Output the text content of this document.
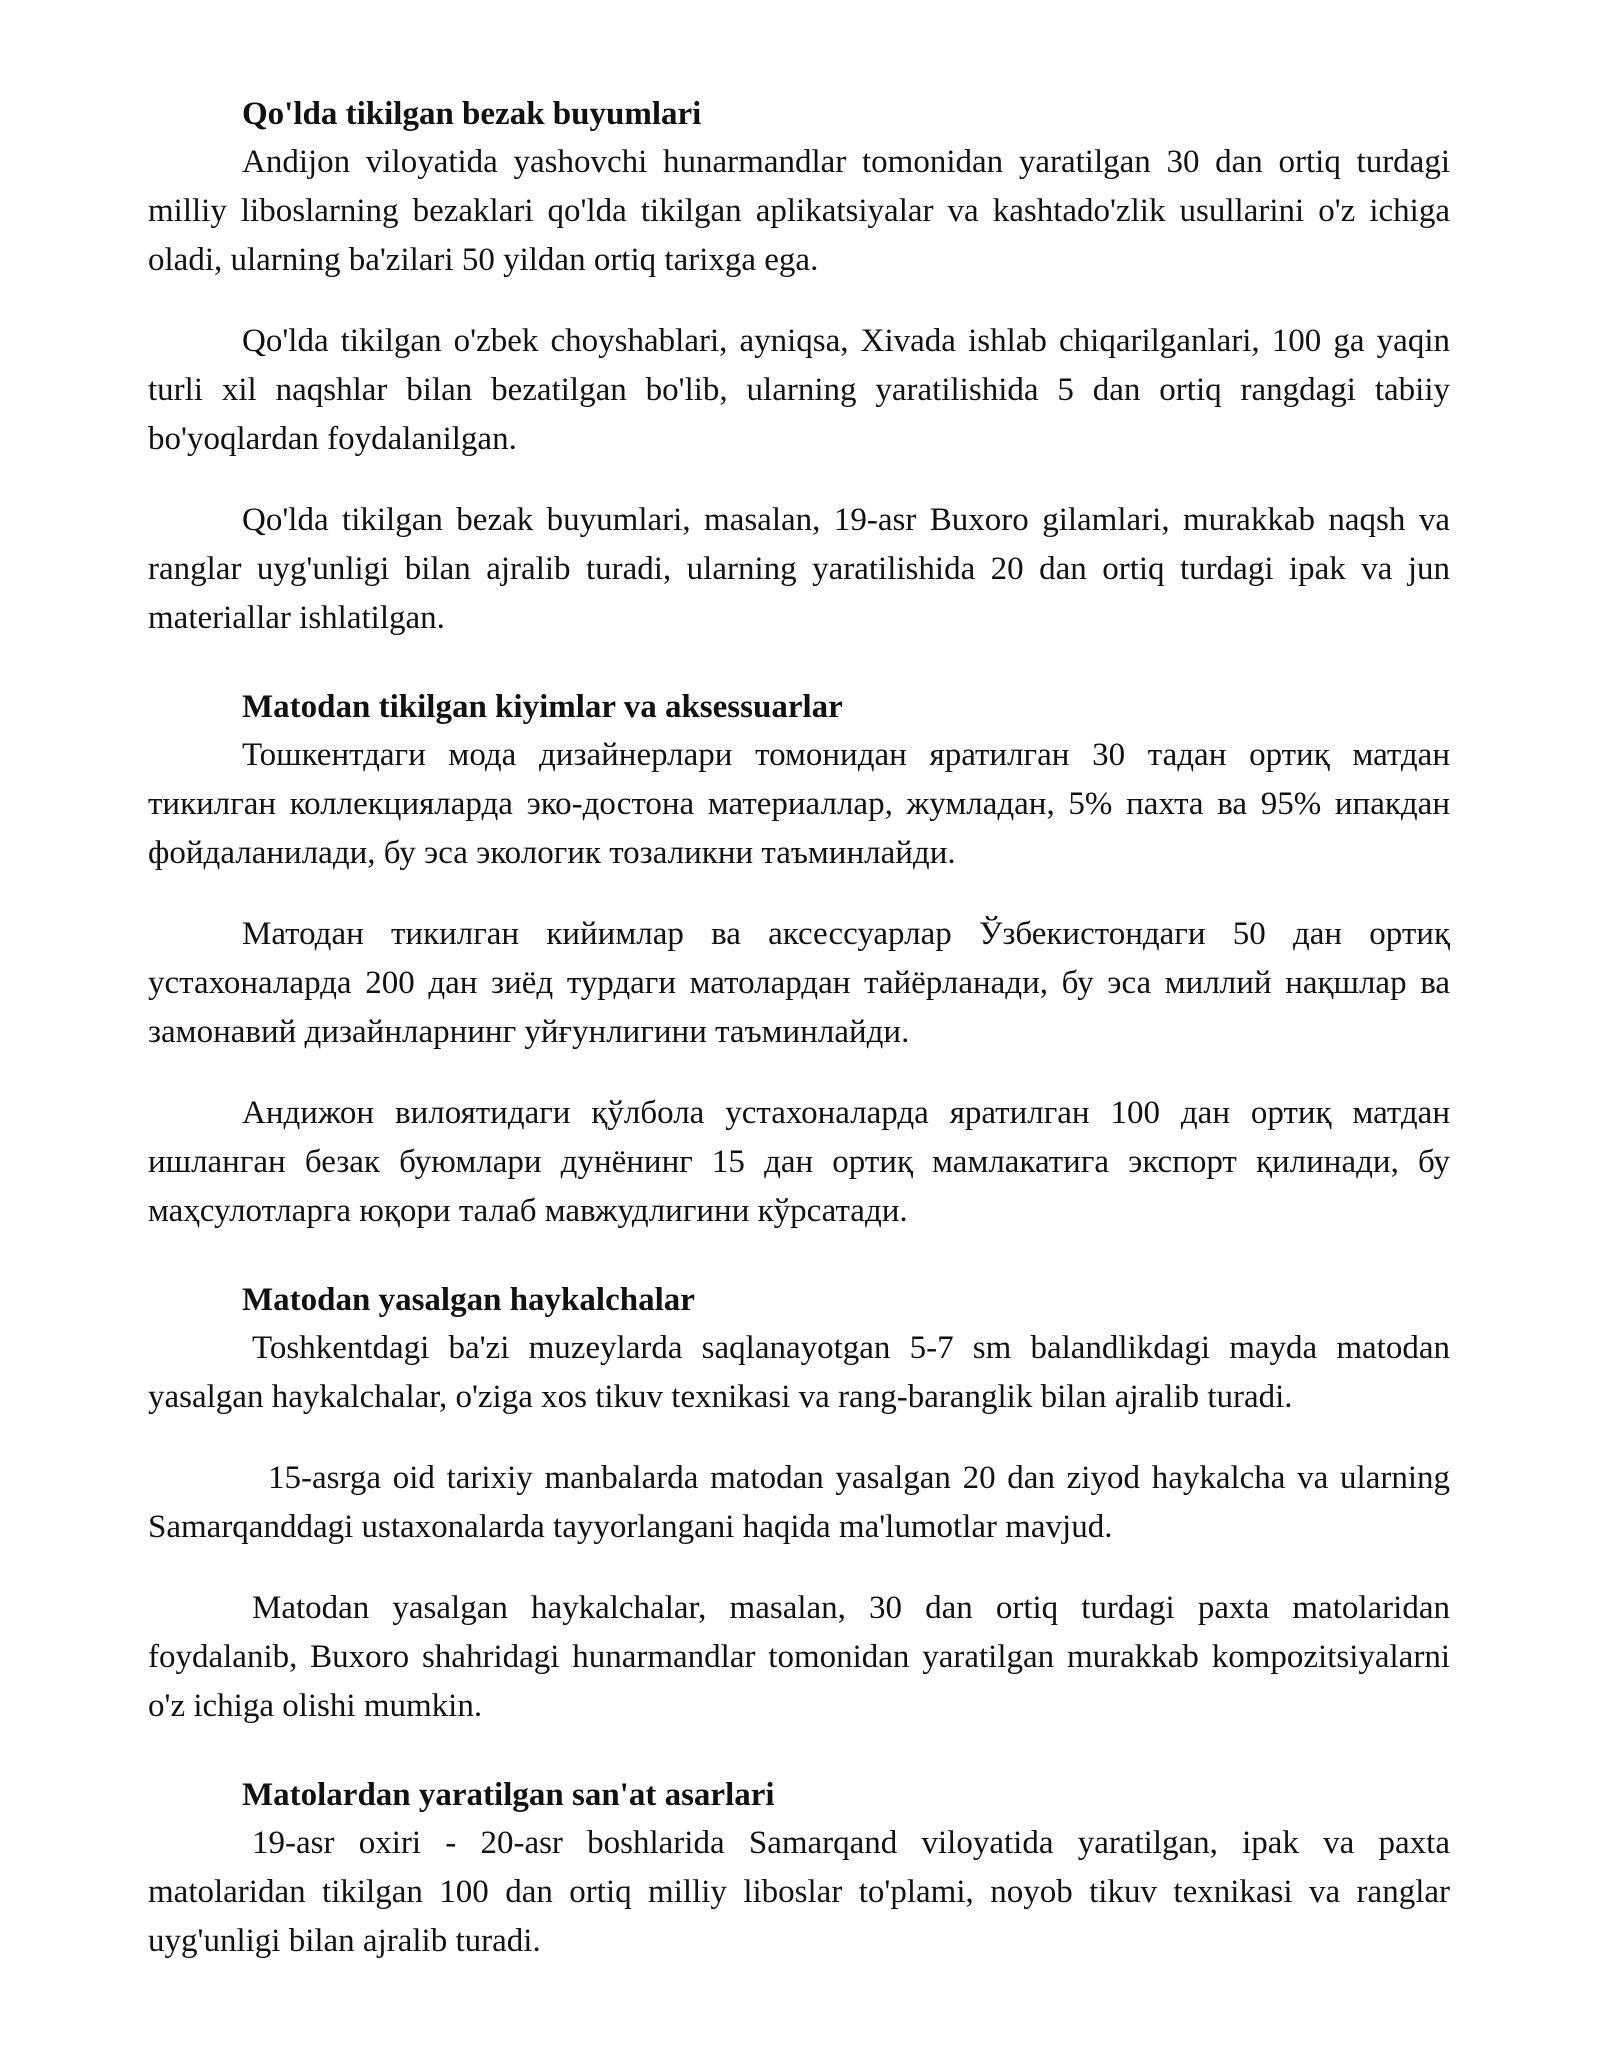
Qo'lda tikilgan bezak buyumlari

Andijon viloyatida yashovchi hunarmandlar tomonidan yaratilgan 30 dan ortiq turdagi milliy liboslarning bezaklari qo'lda tikilgan aplikatsiyalar va kashtado'zlik usullarini o'z ichiga oladi, ularning ba'zilari 50 yildan ortiq tarixga ega.

Qo'lda tikilgan o'zbek choyshablari, ayniqsa, Xivada ishlab chiqarilganlari, 100 ga yaqin turli xil naqshlar bilan bezatilgan bo'lib, ularning yaratilishida 5 dan ortiq rangdagi tabiiy bo'yoqlardan foydalanilgan.

Qo'lda tikilgan bezak buyumlari, masalan, 19-asr Buxoro gilamlari, murakkab naqsh va ranglar uyg'unligi bilan ajralib turadi, ularning yaratilishida 20 dan ortiq turdagi ipak va jun materiallar ishlatilgan.

Matodan tikilgan kiyimlar va aksessuarlar

Тошкентдаги мода дизайнерлари томонидан яратилган 30 тадан ортиқ матдан тикилган коллекцияларда эко-достона материаллар, жумладан, 5% пахта ва 95% ипакдан фойдаланилади, бу эса экологик тозаликни таъминлайди.

Матодан тикилган кийимлар ва аксессуарлар Ўзбекистондаги 50 дан ортиқ устахоналарда 200 дан зиёд турдаги матолардан тайёрланади, бу эса миллий нақшлар ва замонавий дизайнларнинг уйғунлигини таъминлайди.

Андижон вилоятидаги қўлбола устахоналарда яратилган 100 дан ортиқ матдан ишланган безак буюмлари дунёнинг 15 дан ортиқ мамлакатига экспорт қилинади, бу маҳсулотларга юқори талаб мавжудлигини кўрсатади.

Matodan yasalgan haykalchalar

Toshkentdagi ba'zi muzeylarda saqlanayotgan 5-7 sm balandlikdagi mayda matodan yasalgan haykalchalar, o'ziga xos tikuv texnikasi va rang-baranglik bilan ajralib turadi.

15-asrga oid tarixiy manbalarda matodan yasalgan 20 dan ziyod haykalcha va ularning Samarqanddagi ustaxonalarda tayyorlangani haqida ma'lumotlar mavjud.

Matodan yasalgan haykalchalar, masalan, 30 dan ortiq turdagi paxta matolaridan foydalanib, Buxoro shahridagi hunarmandlar tomonidan yaratilgan murakkab kompozitsiyalarni o'z ichiga olishi mumkin.

Matolardan yaratilgan san'at asarlari

19-asr oxiri - 20-asr boshlarida Samarqand viloyatida yaratilgan, ipak va paxta matolaridan tikilgan 100 dan ortiq milliy liboslar to'plami, noyob tikuv texnikasi va ranglar uyg'unligi bilan ajralib turadi.
